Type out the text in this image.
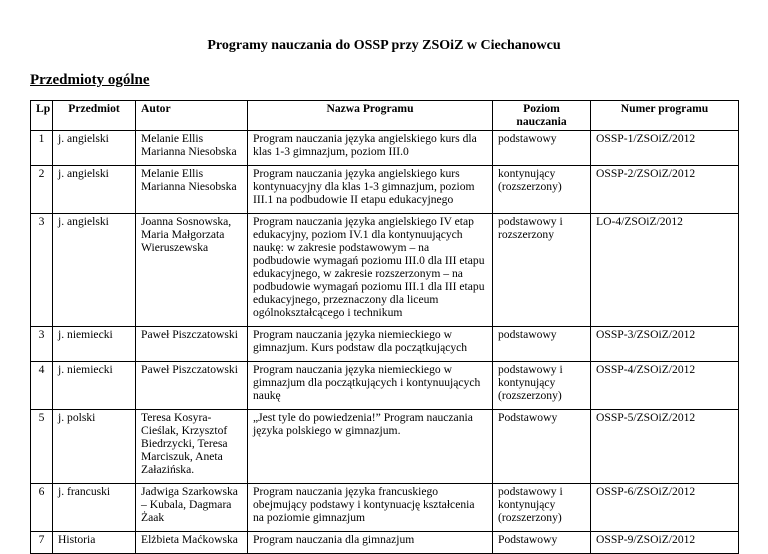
Programy nauczania do OSSP przy ZSOiZ w Ciechanowcu
Przedmioty ogólne
Lp	Przedmiot	Autor	Nazwa Programu	Poziom nauczania	Numer programu
1	j. angielski	Melanie Ellis Marianna Niesobska	Program nauczania języka angielskiego kurs dla klas 1-3 gimnazjum, poziom III.0	podstawowy	OSSP-1/ZSOiZ/2012
2	j. angielski	Melanie Ellis Marianna Niesobska	Program nauczania języka angielskiego kurs kontynuacyjny dla klas 1-3 gimnazjum, poziom III.1 na podbudowie II etapu edukacyjnego	kontynujący (rozszerzony)	OSSP-2/ZSOiZ/2012
3	j. angielski	Joanna Sosnowska, Maria Małgorzata Wieruszewska	Program nauczania języka angielskiego IV etap edukacyjny, poziom IV.1 dla kontynuujących naukę: w zakresie podstawowym – na podbudowie wymagań poziomu III.0 dla III etapu edukacyjnego, w zakresie rozszerzonym – na podbudowie wymagań poziomu III.1 dla III etapu edukacyjnego, przeznaczony dla liceum ogólnokształcącego i technikum	podstawowy i rozszerzony	LO-4/ZSOiZ/2012
3	j. niemiecki	Paweł Piszczatowski	Program nauczania języka niemieckiego w gimnazjum. Kurs podstaw dla początkujących	podstawowy	OSSP-3/ZSOiZ/2012
4	j. niemiecki	Paweł Piszczatowski	Program nauczania języka niemieckiego w gimnazjum dla początkujących i kontynuujących naukę	podstawowy i kontynujący (rozszerzony)	OSSP-4/ZSOiZ/2012
5	j. polski	Teresa Kosyra-Cieślak, Krzysztof Biedrzycki, Teresa Marciszuk, Aneta Załazińska.	„Jest tyle do powiedzenia!” Program nauczania języka polskiego w gimnazjum.	Podstawowy	OSSP-5/ZSOiZ/2012
6	j. francuski	Jadwiga Szarkowska – Kubala, Dagmara Żaak	Program nauczania języka francuskiego obejmujący podstawy i kontynuację kształcenia na poziomie gimnazjum	podstawowy i kontynujący (rozszerzony)	OSSP-6/ZSOiZ/2012
7	Historia	Elżbieta Maćkowska	Program nauczania dla gimnazjum	Podstawowy	OSSP-9/ZSOiZ/2012
